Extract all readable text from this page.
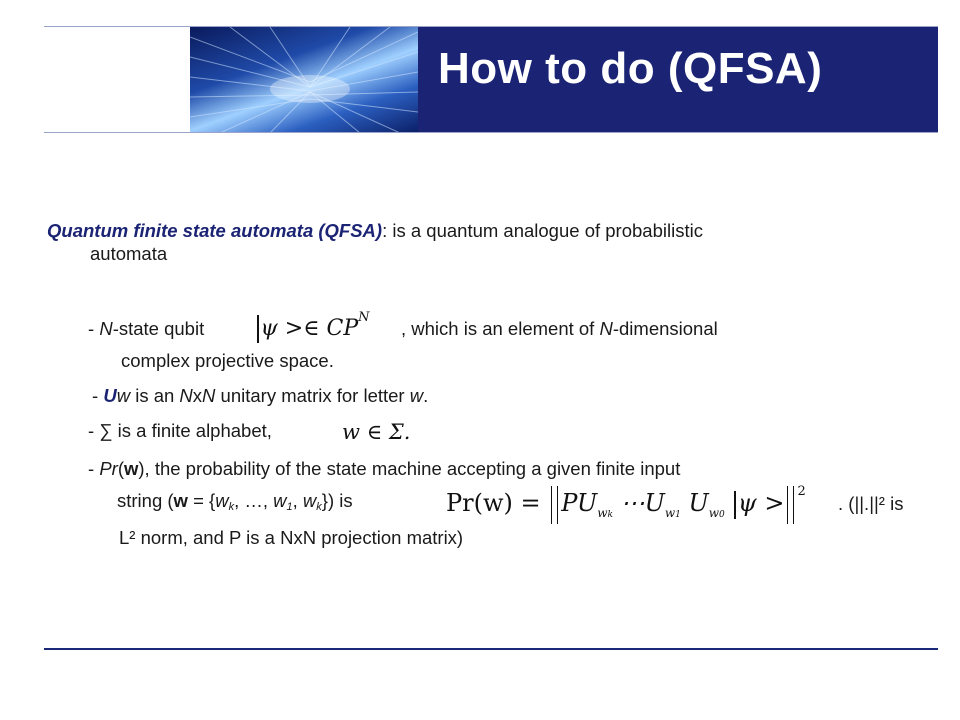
How to do (QFSA)
Quantum finite state automata (QFSA): is a quantum analogue of probabilistic
automata
- N-state qubit	ψ >∈ $CP^N$
, which is an element of N-dimensional
complex projective space.
- Uw is an NxN unitary matrix for letter w.
- ∑ is a finite alphabet,	w ∈ Σ.
- Pr(w), the probability of the state machine accepting a given finite input
string ($w = \{w_k$, …, $w_1$, $w_k$}) is	$Pr(w) = PU_{wk}$ $\cdots U_{w1}$ $U_{w0}$ ψ > $^2$
. (||.||² is
L² norm, and P is a NxN projection matrix)
